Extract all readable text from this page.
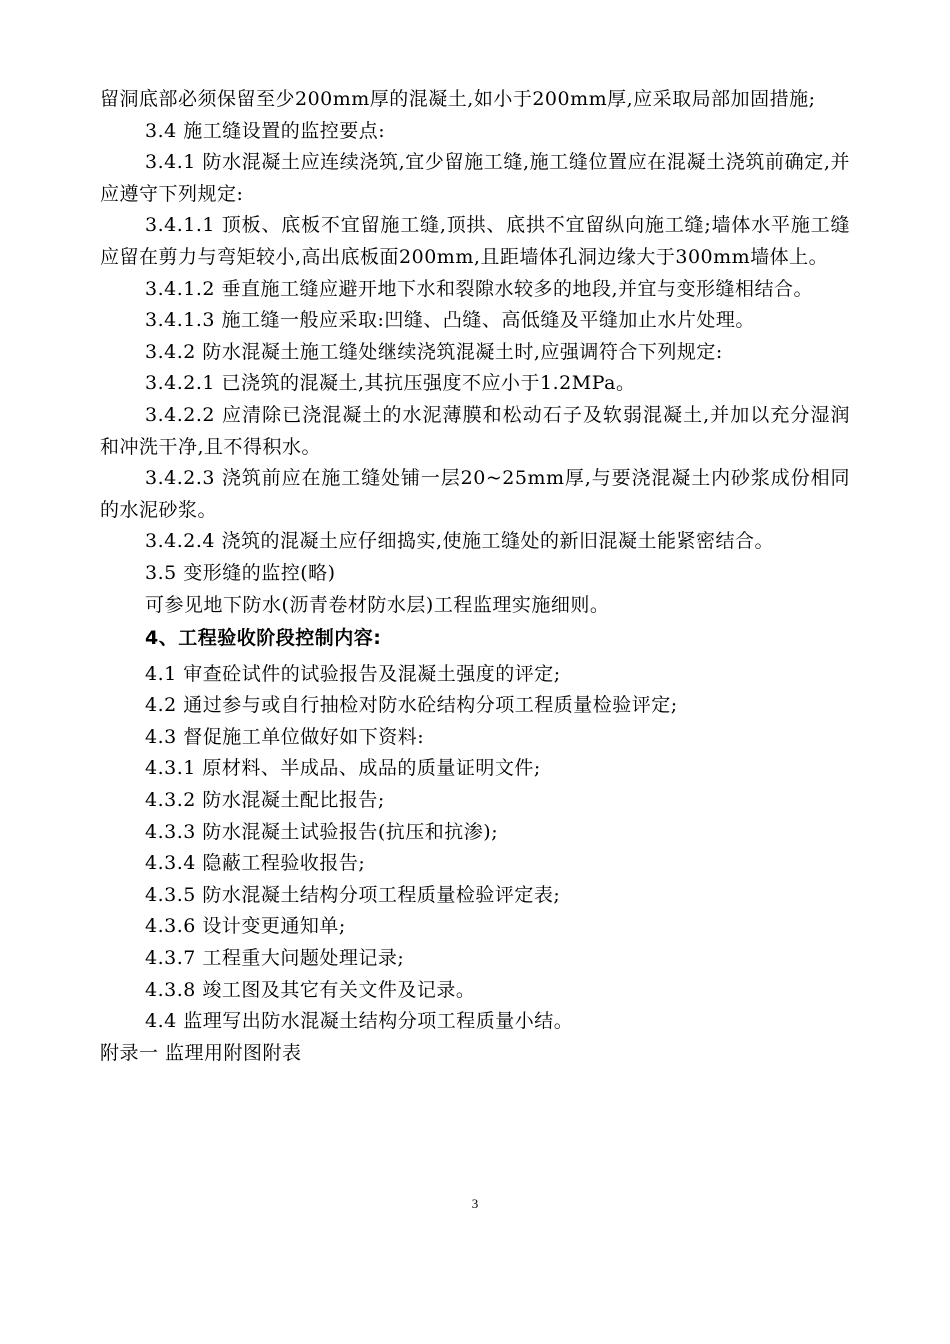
留洞底部必须保留至少200mm厚的混凝土,如小于200mm厚,应采取局部加固措施;

3.4 施工缝设置的监控要点:

3.4.1 防水混凝土应连续浇筑,宜少留施工缝,施工缝位置应在混凝土浇筑前确定,并应遵守下列规定:

3.4.1.1 顶板、底板不宜留施工缝,顶拱、底拱不宜留纵向施工缝;墙体水平施工缝应留在剪力与弯矩较小,高出底板面200mm,且距墙体孔洞边缘大于300mm墙体上。

3.4.1.2 垂直施工缝应避开地下水和裂隙水较多的地段,并宜与变形缝相结合。

3.4.1.3 施工缝一般应采取:凹缝、凸缝、高低缝及平缝加止水片处理。

3.4.2 防水混凝土施工缝处继续浇筑混凝土时,应强调符合下列规定:

3.4.2.1 已浇筑的混凝土,其抗压强度不应小于1.2MPa。

3.4.2.2 应清除已浇混凝土的水泥薄膜和松动石子及软弱混凝土,并加以充分湿润和冲洗干净,且不得积水。

3.4.2.3 浇筑前应在施工缝处铺一层20~25mm厚,与要浇混凝土内砂浆成份相同的水泥砂浆。

3.4.2.4 浇筑的混凝土应仔细捣实,使施工缝处的新旧混凝土能紧密结合。

3.5 变形缝的监控(略)

可参见地下防水(沥青卷材防水层)工程监理实施细则。

4、工程验收阶段控制内容:

4.1 审查砼试件的试验报告及混凝土强度的评定;

4.2 通过参与或自行抽检对防水砼结构分项工程质量检验评定;

4.3 督促施工单位做好如下资料:

4.3.1 原材料、半成品、成品的质量证明文件;

4.3.2 防水混凝土配比报告;

4.3.3 防水混凝土试验报告(抗压和抗渗);

4.3.4 隐蔽工程验收报告;

4.3.5 防水混凝土结构分项工程质量检验评定表;

4.3.6 设计变更通知单;

4.3.7 工程重大问题处理记录;

4.3.8 竣工图及其它有关文件及记录。

4.4 监理写出防水混凝土结构分项工程质量小结。

附录一 监理用附图附表

3
